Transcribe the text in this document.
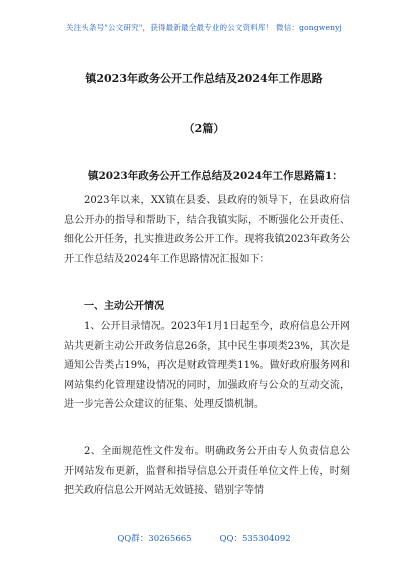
关注头条号"公文研究"，获得最新最全最专业的公文资料库！ 微信：gongwenyj
镇2023年政务公开工作总结及2024年工作思路
（2篇）
镇2023年政务公开工作总结及2024年工作思路篇1：
2023年以来，XX镇在县委、县政府的领导下，在县政府信息公开办的指导和帮助下，结合我镇实际，不断强化公开责任、细化公开任务，扎实推进政务公开工作。现将我镇2023年政务公开工作总结及2024年工作思路情况汇报如下：
一、主动公开情况
1、公开目录情况。2023年1月1日起至今，政府信息公开网站共更新主动公开政务信息26条，其中民生事项类23%，其次是通知公告类占19%，再次是财政管理类11%。做好政府服务网和网站集约化管理建设情况的同时，加强政府与公众的互动交流，进一步完善公众建议的征集、处理反馈机制。
2、全面规范性文件发布。明确政务公开由专人负责信息公开网站发布更新，监督和指导信息公开责任单位文件上传，时刻把关政府信息公开网站无效链接、错别字等情
QQ群：30265665	QQ：535304092
